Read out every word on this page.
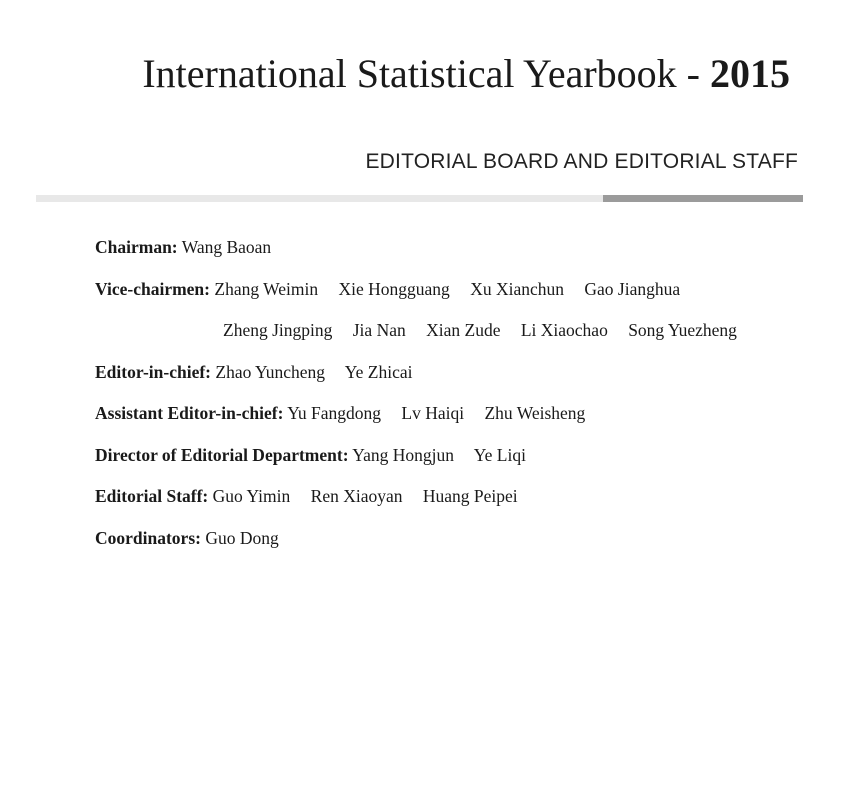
International Statistical Yearbook - 2015
EDITORIAL BOARD AND EDITORIAL STAFF
Chairman: Wang Baoan
Vice-chairmen: Zhang Weimin Xie Hongguang Xu Xianchun Gao Jianghua
Zheng Jingping Jia Nan Xian Zude Li Xiaochao Song Yuezheng
Editor-in-chief: Zhao Yuncheng Ye Zhicai
Assistant Editor-in-chief: Yu Fangdong Lv Haiqi Zhu Weisheng
Director of Editorial Department: Yang Hongjun Ye Liqi
Editorial Staff: Guo Yimin Ren Xiaoyan Huang Peipei
Coordinators: Guo Dong
